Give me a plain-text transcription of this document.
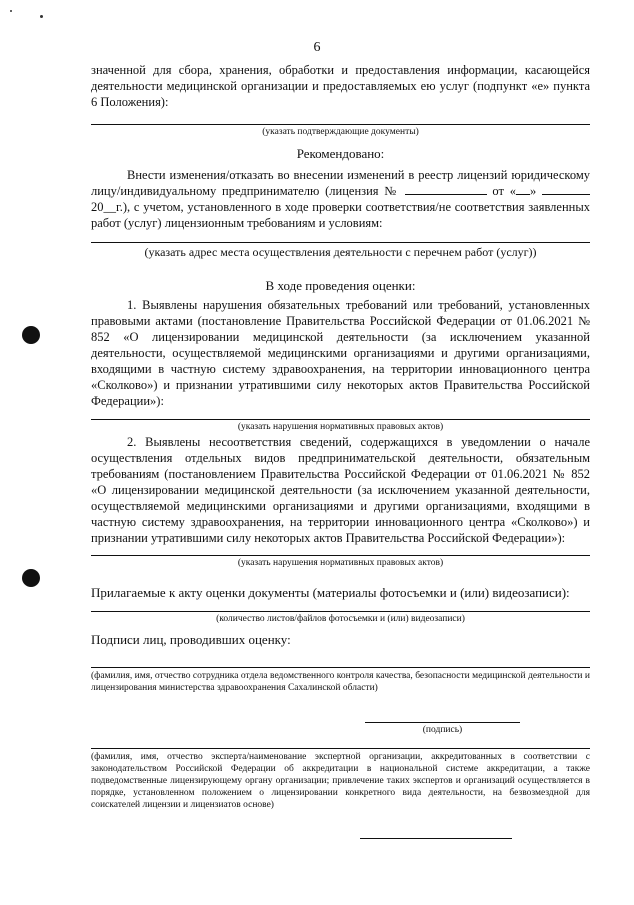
6

значенной для сбора, хранения, обработки и предоставления информации, касающейся деятельности медицинской организации и предоставляемых ею услуг (подпункт «е» пункта 6 Положения):

(указать подтверждающие документы)
Рекомендовано:

Внести изменения/отказать во внесении изменений в реестр лицензий юридическому лицу/индивидуальному предпринимателю (лицензия №	от « »  20__г.), с учетом, установленного в ходе проверки соответствия/не соответствия заявленных работ (услуг) лицензионным требованиям и условиям:

(указать адрес места осуществления деятельности с перечнем работ (услуг))
В ходе проведения оценки:

1. Выявлены нарушения обязательных требований или требований, установленных правовыми актами (постановление Правительства Российской Федерации от 01.06.2021 № 852 «О лицензировании медицинской деятельности (за исключением указанной деятельности, осуществляемой медицинскими организациями и другими организациями, входящими в частную систему здравоохранения, на территории инновационного центра «Сколково») и признании утратившими силу некоторых актов Правительства Российской Федерации»):

(указать нарушения нормативных правовых актов)

2. Выявлены несоответствия сведений, содержащихся в уведомлении о начале осуществления отдельных видов предпринимательской деятельности, обязательным требованиям (постановлением Правительства Российской Федерации от 01.06.2021 № 852 «О лицензировании медицинской деятельности (за исключением указанной деятельности, осуществляемой медицинскими организациями и другими организациями, входящими в частную систему здравоохранения, на территории инновационного центра «Сколково») и признании утратившими силу некоторых актов Правительства Российской Федерации»):

(указать нарушения нормативных правовых актов)

Прилагаемые к акту оценки документы (материалы фотосъемки и (или) видеозаписи):

(количество листов/файлов фотосъемки и (или) видеозаписи)
Подписи лиц, проводивших оценку:
(фамилия, имя, отчество сотрудника отдела ведомственного контроля качества, безопасности медицинской деятельности и лицензирования министерства здравоохранения Сахалинской области)
(подпись)
(фамилия, имя, отчество эксперта/наименование экспертной организации, аккредитованных в соответствии с законодательством Российской Федерации об аккредитации в национальной системе аккредитации, а также подведомственные лицензирующему органу организации; привлечение таких экспертов и организаций осуществляется в порядке, установленном положением о лицензировании конкретного вида деятельности, на безвозмездной для соискателей лицензии и лицензиатов основе)
